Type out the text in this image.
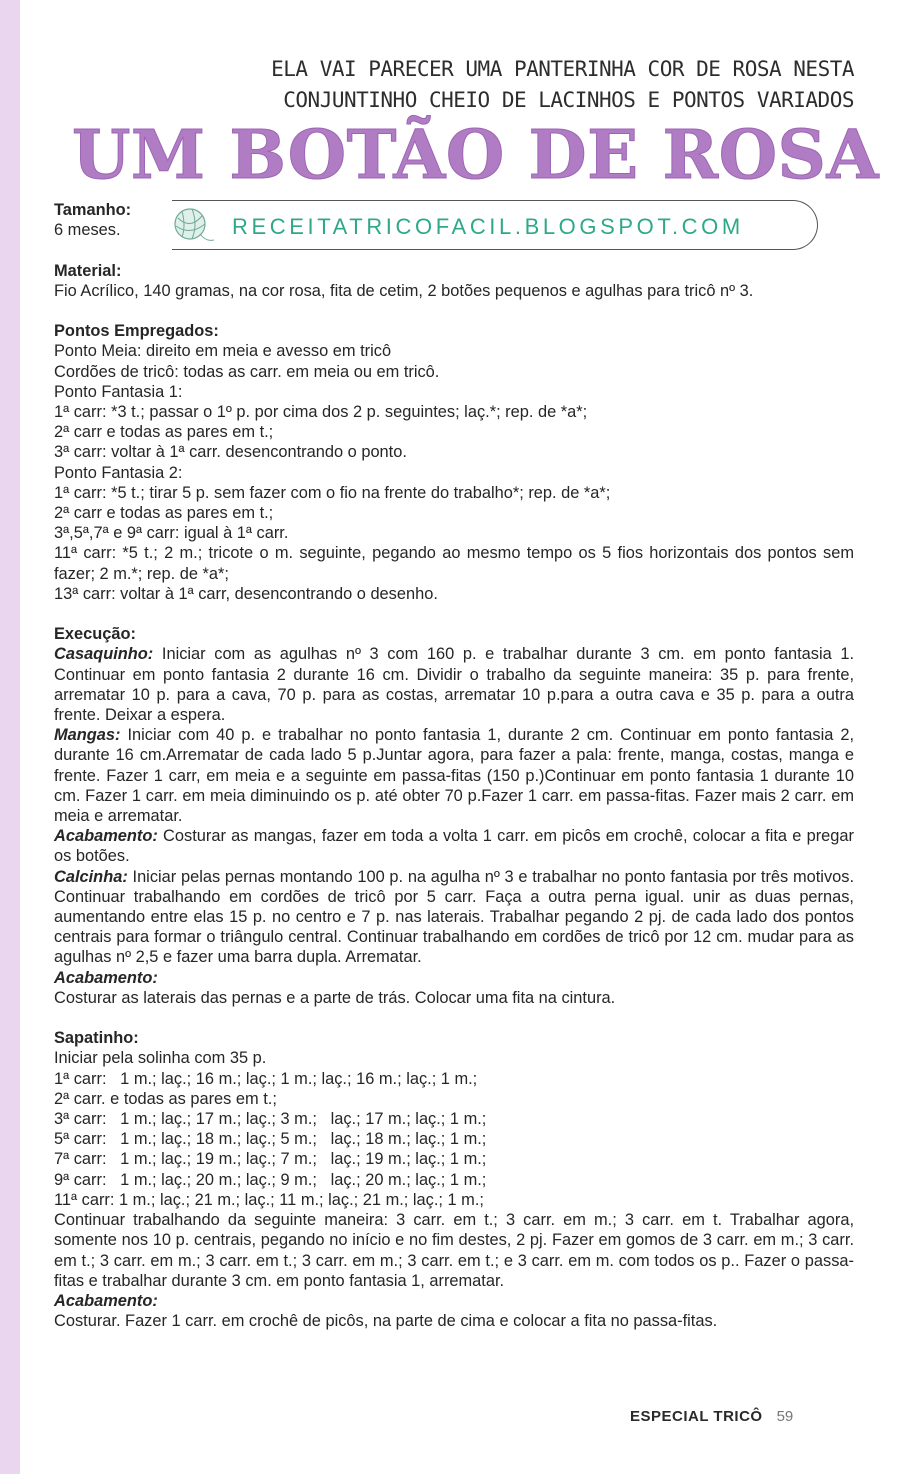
ELA VAI PARECER UMA PANTERINHA COR DE ROSA NESTA
CONJUNTINHO CHEIO DE LACINHOS E PONTOS VARIADOS
UM BOTÃO DE ROSA
RECEITATRICOFACIL.BLOGSPOT.COM

Tamanho:

6 meses.

Material:

Fio Acrílico, 140 gramas, na cor rosa, fita de cetim, 2 botões pequenos e agulhas para tricô nº 3.

Pontos Empregados:

Ponto Meia: direito em meia e avesso em tricô

Cordões de tricô: todas as carr. em meia ou em tricô.

Ponto Fantasia 1:

1ª carr: *3 t.; passar o 1º p. por cima dos 2 p. seguintes; laç.*; rep. de *a*;

2ª carr e todas as pares em t.;

3ª carr: voltar à 1ª carr. desencontrando o ponto.

Ponto Fantasia 2:

1ª carr: *5 t.; tirar 5 p. sem fazer com o fio na frente do trabalho*; rep. de *a*;

2ª carr e todas as pares em t.;

3ª,5ª,7ª e 9ª carr: igual à 1ª carr.

11ª carr: *5 t.; 2 m.; tricote o m. seguinte, pegando ao mesmo tempo os 5 fios horizontais dos pontos sem fazer; 2 m.*; rep. de *a*;

13ª carr: voltar à 1ª carr, desencontrando o desenho.

Execução:

Casaquinho: Iniciar com as agulhas nº 3 com 160 p. e trabalhar durante 3 cm. em ponto fantasia 1. Continuar em ponto fantasia 2 durante 16 cm. Dividir o trabalho da seguinte maneira: 35 p. para frente, arrematar 10 p. para a cava, 70 p. para as costas, arrematar 10 p.para a outra cava e 35 p. para a outra frente. Deixar a espera.

Mangas: Iniciar com 40 p. e trabalhar no ponto fantasia 1, durante 2 cm. Continuar em ponto fantasia 2, durante 16 cm.Arrematar de cada lado 5 p.Juntar agora, para fazer a pala: frente, manga, costas, manga e frente. Fazer 1 carr, em meia e a seguinte em passa-fitas (150 p.)Continuar em ponto fantasia 1 durante 10 cm. Fazer 1 carr. em meia diminuindo os p. até obter 70 p.Fazer 1 carr. em passa-fitas. Fazer mais 2 carr. em meia e arrematar.

Acabamento: Costurar as mangas, fazer em toda a volta 1 carr. em picôs em crochê, colocar a fita e pregar os botões.

Calcinha: Iniciar pelas pernas montando 100 p. na agulha nº 3 e trabalhar no ponto fantasia por três motivos. Continuar trabalhando em cordões de tricô por 5 carr. Faça a outra perna igual. unir as duas pernas, aumentando entre elas 15 p. no centro e 7 p. nas laterais. Trabalhar pegando 2 pj. de cada lado dos pontos centrais para formar o triângulo central. Continuar trabalhando em cordões de tricô por 12 cm. mudar para as agulhas nº 2,5 e fazer uma barra dupla. Arrematar.

Acabamento:

Costurar as laterais das pernas e a parte de trás. Colocar uma fita na cintura.

Sapatinho:

Iniciar pela solinha com 35 p.

1ª carr:   1 m.; laç.; 16 m.; laç.; 1 m.; laç.; 16 m.; laç.; 1 m.;

2ª carr. e todas as pares em t.;

3ª carr:   1 m.; laç.; 17 m.; laç.; 3 m.;   laç.; 17 m.; laç.; 1 m.;

5ª carr:   1 m.; laç.; 18 m.; laç.; 5 m.;   laç.; 18 m.; laç.; 1 m.;

7ª carr:   1 m.; laç.; 19 m.; laç.; 7 m.;   laç.; 19 m.; laç.; 1 m.;

9ª carr:   1 m.; laç.; 20 m.; laç.; 9 m.;   laç.; 20 m.; laç.; 1 m.;

11ª carr: 1 m.; laç.; 21 m.; laç.; 11 m.; laç.; 21 m.; laç.; 1 m.;

Continuar trabalhando da seguinte maneira: 3 carr. em t.; 3 carr. em m.; 3 carr. em t. Trabalhar agora, somente nos 10 p. centrais, pegando no início e no fim destes, 2 pj. Fazer em gomos de 3 carr. em m.; 3 carr. em t.; 3 carr. em m.; 3 carr. em t.; 3 carr. em m.; 3 carr. em t.; e 3 carr. em m. com todos os p.. Fazer o passa-fitas e trabalhar durante 3 cm. em ponto fantasia 1, arrematar.

Acabamento:

Costurar. Fazer 1 carr. em crochê de picôs, na parte de cima e colocar a fita no passa-fitas.

ESPECIAL TRICÔ 59
